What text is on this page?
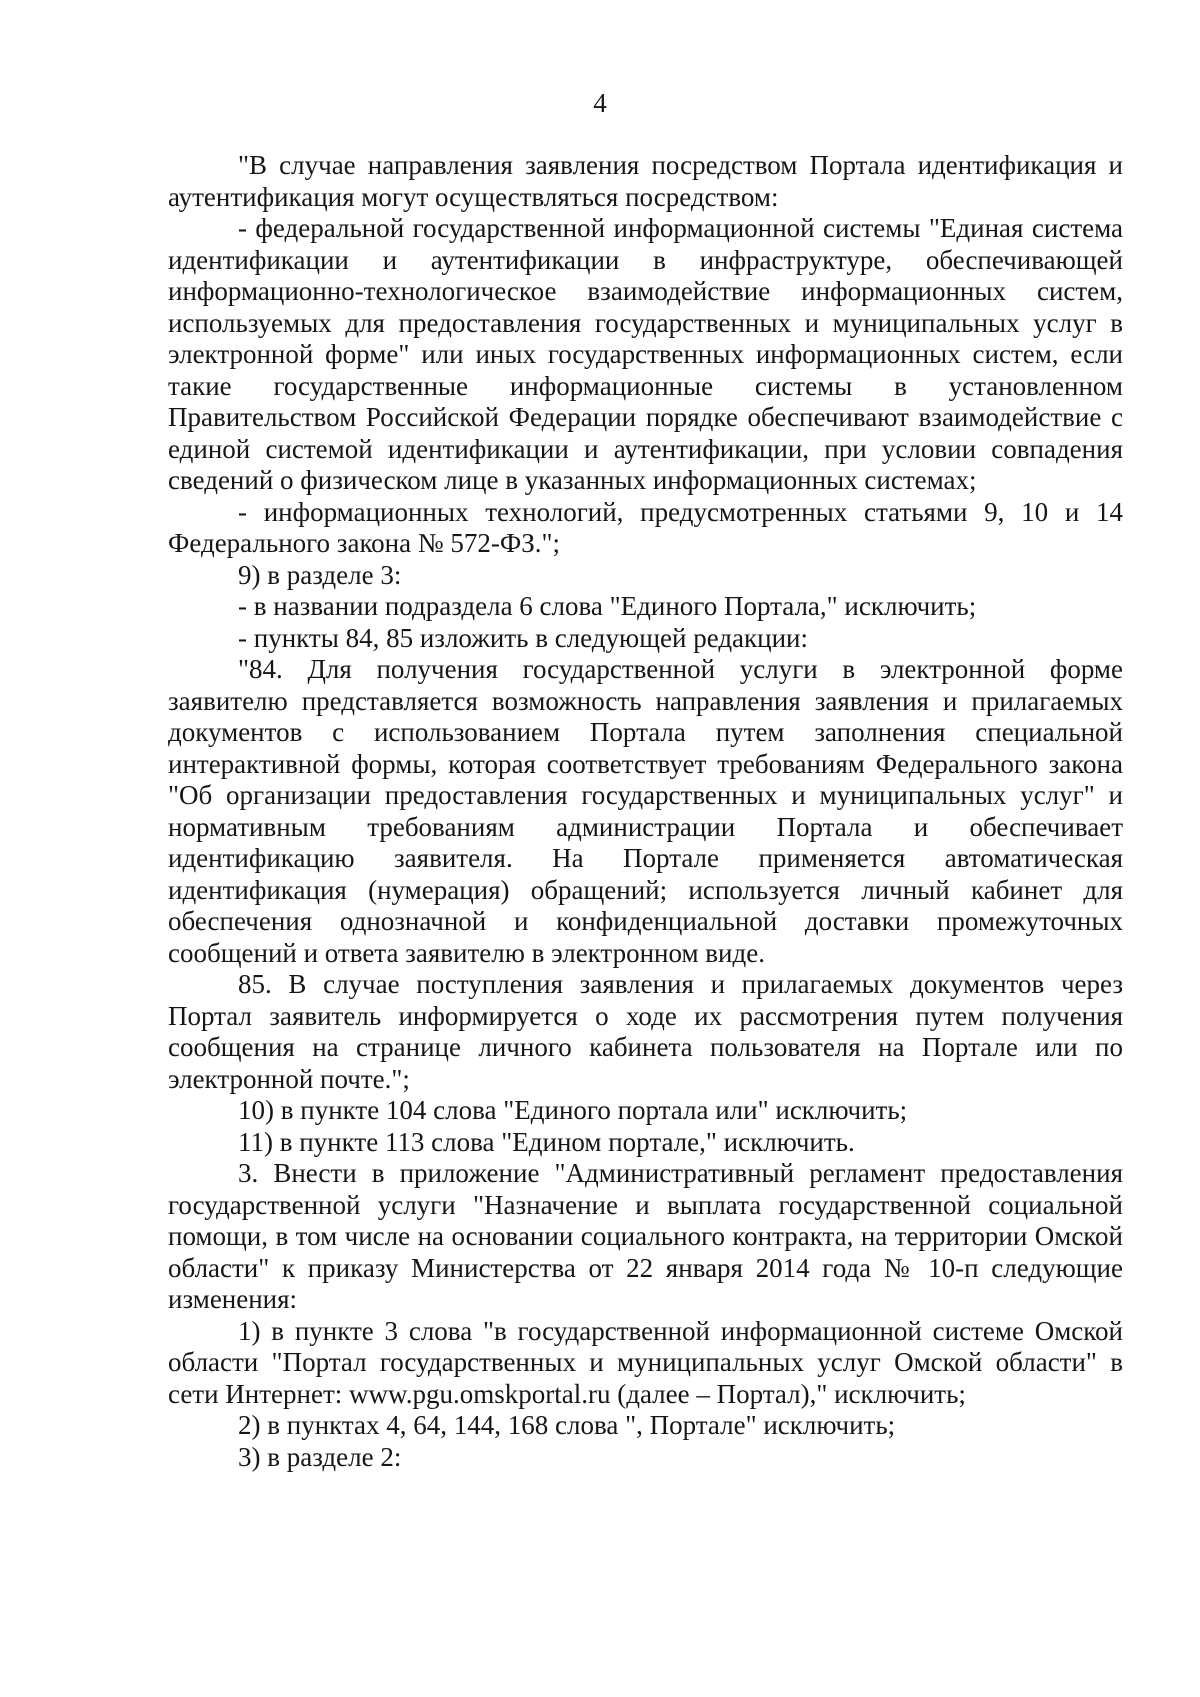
4

"В случае направления заявления посредством Портала идентификация и аутентификация могут осуществляться посредством:

- федеральной государственной информационной системы "Единая система идентификации и аутентификации в инфраструктуре, обеспечивающей информационно-технологическое взаимодействие информационных систем, используемых для предоставления государственных и муниципальных услуг в электронной форме" или иных государственных информационных систем, если такие государственные информационные системы в установленном Правительством Российской Федерации порядке обеспечивают взаимодействие с единой системой идентификации и аутентификации, при условии совпадения сведений о физическом лице в указанных информационных системах;

- информационных технологий, предусмотренных статьями 9, 10 и 14 Федерального закона № 572-ФЗ.";

9) в разделе 3:

- в названии подраздела 6 слова "Единого Портала," исключить;

- пункты 84, 85 изложить в следующей редакции:

"84. Для получения государственной услуги в электронной форме заявителю представляется возможность направления заявления и прилагаемых документов с использованием Портала путем заполнения специальной интерактивной формы, которая соответствует требованиям Федерального закона "Об организации предоставления государственных и муниципальных услуг" и нормативным требованиям администрации Портала и обеспечивает идентификацию заявителя. На Портале применяется автоматическая идентификация (нумерация) обращений; используется личный кабинет для обеспечения однозначной и конфиденциальной доставки промежуточных сообщений и ответа заявителю в электронном виде.

85. В случае поступления заявления и прилагаемых документов через Портал заявитель информируется о ходе их рассмотрения путем получения сообщения на странице личного кабинета пользователя на Портале или по электронной почте.";

10) в пункте 104 слова "Единого портала или" исключить;

11) в пункте 113 слова "Едином портале," исключить.

3. Внести в приложение "Административный регламент предоставления государственной услуги "Назначение и выплата государственной социальной помощи, в том числе на основании социального контракта, на территории Омской области" к приказу Министерства от 22 января 2014 года № 10-п следующие изменения:

1) в пункте 3 слова "в государственной информационной системе Омской области "Портал государственных и муниципальных услуг Омской области" в сети Интернет: www.pgu.omskportal.ru (далее – Портал)," исключить;

2) в пунктах 4, 64, 144, 168 слова ", Портале" исключить;

3) в разделе 2:
